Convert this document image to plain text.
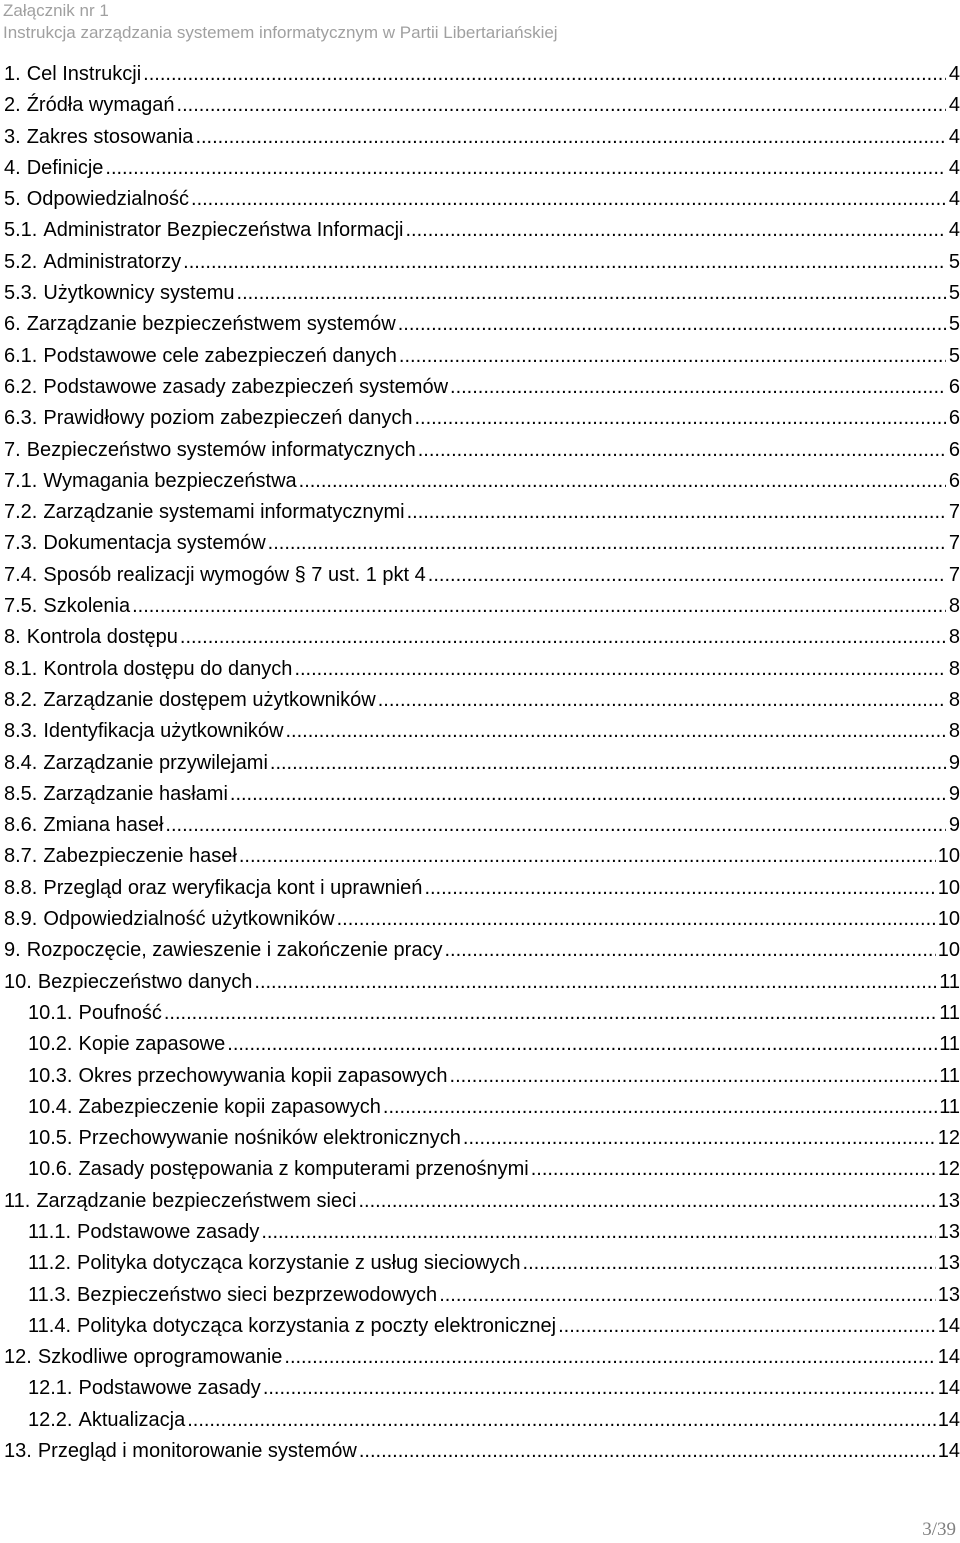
Załącznik nr 1
Instrukcja zarządzania systemem informatycznym w Partii Libertariańskiej
1. Cel Instrukcji .....	4
2. Źródła wymagań .....	4
3. Zakres stosowania .....	4
4. Definicje .....	4
5. Odpowiedzialność .....	4
5.1. Administrator Bezpieczeństwa Informacji .....	4
5.2. Administratorzy .....	5
5.3. Użytkownicy systemu .....	5
6. Zarządzanie bezpieczeństwem systemów .....	5
6.1. Podstawowe cele zabezpieczeń danych .....	5
6.2. Podstawowe zasady zabezpieczeń systemów .....	6
6.3. Prawidłowy poziom zabezpieczeń danych .....	6
7. Bezpieczeństwo systemów informatycznych .....	6
7.1. Wymagania bezpieczeństwa .....	6
7.2. Zarządzanie systemami informatycznymi .....	7
7.3. Dokumentacja systemów .....	7
7.4. Sposób realizacji wymogów § 7 ust. 1 pkt 4 .....	7
7.5. Szkolenia .....	8
8. Kontrola dostępu .....	8
8.1. Kontrola dostępu do danych .....	8
8.2. Zarządzanie dostępem użytkowników .....	8
8.3. Identyfikacja użytkowników .....	8
8.4. Zarządzanie przywilejami .....	9
8.5. Zarządzanie hasłami .....	9
8.6. Zmiana haseł .....	9
8.7. Zabezpieczenie haseł .....	10
8.8. Przegląd oraz weryfikacja kont i uprawnień .....	10
8.9. Odpowiedzialność użytkowników .....	10
9. Rozpoczęcie, zawieszenie i zakończenie pracy .....	10
10. Bezpieczeństwo danych .....	11
10.1. Poufność .....	11
10.2. Kopie zapasowe .....	11
10.3. Okres przechowywania kopii zapasowych .....	11
10.4. Zabezpieczenie kopii zapasowych .....	11
10.5. Przechowywanie nośników elektronicznych .....	12
10.6. Zasady postępowania z komputerami przenośnymi .....	12
11. Zarządzanie bezpieczeństwem sieci .....	13
11.1. Podstawowe zasady .....	13
11.2. Polityka dotycząca korzystanie z usług sieciowych .....	13
11.3. Bezpieczeństwo sieci bezprzewodowych .....	13
11.4. Polityka dotycząca korzystania z poczty elektronicznej .....	14
12. Szkodliwe oprogramowanie .....	14
12.1. Podstawowe zasady .....	14
12.2. Aktualizacja .....	14
13. Przegląd i monitorowanie systemów .....	14
3/39
